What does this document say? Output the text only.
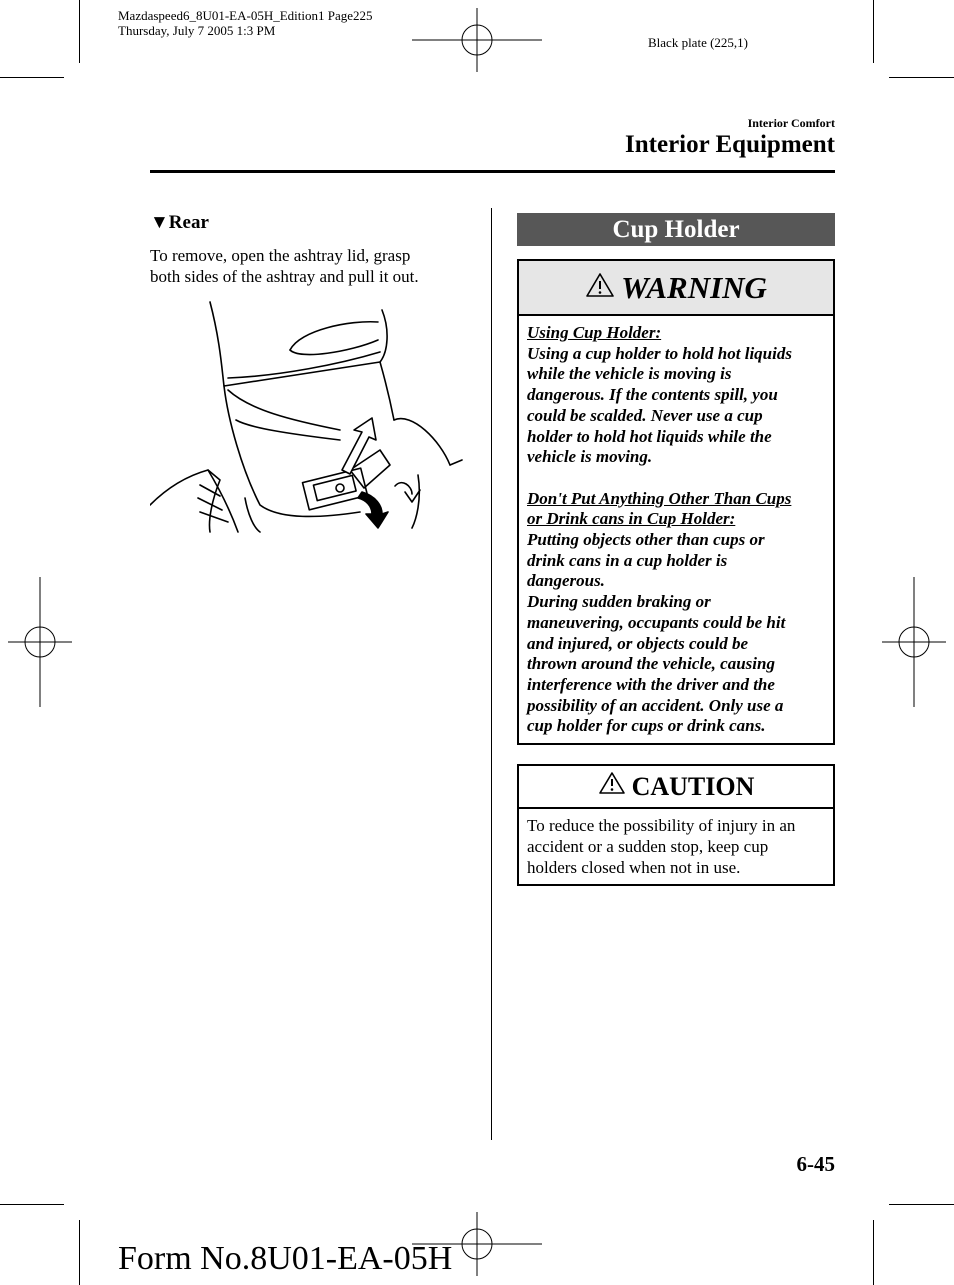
Mazdaspeed6_8U01-EA-05H_Edition1 Page225
Thursday, July 7 2005 1:3 PM
Black plate (225,1)
Interior Comfort
Interior Equipment
▼Rear
To remove, open the ashtray lid, grasp
both sides of the ashtray and pull it out.
Cup Holder
WARNING
Using Cup Holder:
Using a cup holder to hold hot liquids
while the vehicle is moving is
dangerous. If the contents spill, you
could be scalded. Never use a cup
holder to hold hot liquids while the
vehicle is moving.
Don't Put Anything Other Than Cups
or Drink cans in Cup Holder:
Putting objects other than cups or
drink cans in a cup holder is
dangerous.
During sudden braking or
maneuvering, occupants could be hit
and injured, or objects could be
thrown around the vehicle, causing
interference with the driver and the
possibility of an accident. Only use a
cup holder for cups or drink cans.
CAUTION
To reduce the possibility of injury in an
accident or a sudden stop, keep cup
holders closed when not in use.
6-45
Form No.8U01-EA-05H
